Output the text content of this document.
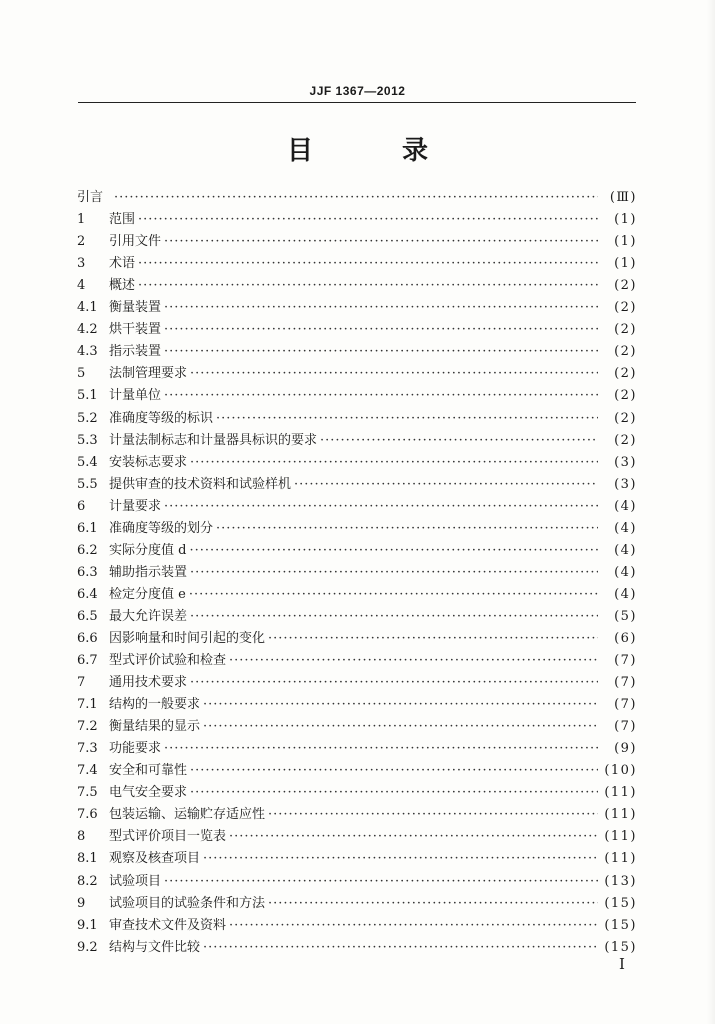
JJF 1367—2012
目 录
引言 ·····	(Ⅲ)
1	范围 ·····	(1)
2	引用文件 ·····	(1)
3	术语 ·····	(1)
4	概述 ·····	(2)
4.1 衡量装置 ·····	(2)
4.2 烘干装置 ·····	(2)
4.3 指示装置 ·····	(2)
5	法制管理要求 ·····	(2)
5.1 计量单位 ·····	(2)
5.2 准确度等级的标识 ·····	(2)
5.3 计量法制标志和计量器具标识的要求 ·····	(2)
5.4 安装标志要求 ·····	(3)
5.5 提供审查的技术资料和试验样机 ·····	(3)
6	计量要求 ·····	(4)
6.1 准确度等级的划分 ·····	(4)
6.2 实际分度值 d ·····	(4)
6.3 辅助指示装置 ·····	(4)
6.4 检定分度值 e ·····	(4)
6.5 最大允许误差 ·····	(5)
6.6 因影响量和时间引起的变化 ·····	(6)
6.7 型式评价试验和检查 ·····	(7)
7	通用技术要求 ·····	(7)
7.1 结构的一般要求 ·····	(7)
7.2 衡量结果的显示 ·····	(7)
7.3 功能要求 ·····	(9)
7.4 安全和可靠性 ·····	(10)
7.5 电气安全要求 ·····	(11)
7.6 包装运输、运输贮存适应性 ·····	(11)
8	型式评价项目一览表 ·····	(11)
8.1 观察及核查项目 ·····	(11)
8.2 试验项目 ·····	(13)
9	试验项目的试验条件和方法 ·····	(15)
9.1 审查技术文件及资料 ·····	(15)
9.2 结构与文件比较 ·····	(15)
Ⅰ
